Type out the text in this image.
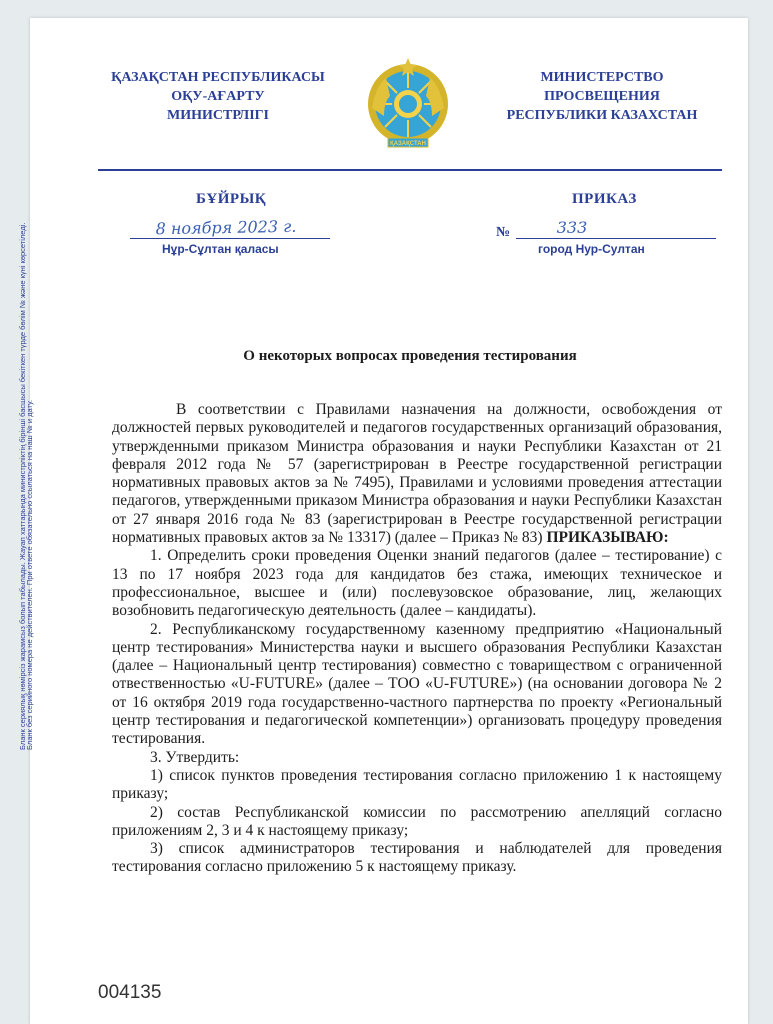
ҚАЗАҚСТАН РЕСПУБЛИКАСЫ
ОҚУ-АҒАРТУ
МИНИСТРЛІГІ
ҚАЗАҚСТАН
МИНИСТЕРСТВО
ПРОСВЕЩЕНИЯ
РЕСПУБЛИКИ КАЗАХСТАН
БҰЙРЫҚ	ПРИКАЗ
8 ноября 2023 г.
Нұр-Сұлтан қаласы
№	333
город Нур-Султан
О некоторых вопросах проведения тестирования

В соответствии с Правилами назначения на должности, освобождения от должностей первых руководителей и педагогов государственных организаций образования, утвержденными приказом Министра образования и науки Республики Казахстан от 21 февраля 2012 года № 57 (зарегистрирован в Реестре государственной регистрации нормативных правовых актов за № 7495), Правилами и условиями проведения аттестации педагогов, утвержденными приказом Министра образования и науки Республики Казахстан от 27 января 2016 года № 83 (зарегистрирован в Реестре государственной регистрации нормативных правовых актов за № 13317) (далее – Приказ № 83) ПРИКАЗЫВАЮ:

1. Определить сроки проведения Оценки знаний педагогов (далее – тестирование) с 13 по 17 ноября 2023 года для кандидатов без стажа, имеющих техническое и профессиональное, высшее и (или) послевузовское образование, лиц, желающих возобновить педагогическую деятельность (далее – кандидаты).

2. Республиканскому государственному казенному предприятию «Национальный центр тестирования» Министерства науки и высшего образования Республики Казахстан (далее – Национальный центр тестирования) совместно с товариществом с ограниченной отвественностью «U-FUTURE» (далее – ТОО «U-FUTURE») (на основании договора № 2 от 16 октября 2019 года государственно-частного партнерства по проекту «Региональный центр тестирования и педагогической компетенции») организовать процедуру проведения тестирования.

3. Утвердить:

1) список пунктов проведения тестирования согласно приложению 1 к настоящему приказу;

2) состав Республиканской комиссии по рассмотрению апелляций согласно приложениям 2, 3 и 4 к настоящему приказу;

3) список администраторов тестирования и наблюдателей для проведения тестирования согласно приложению 5 к настоящему приказу.

004135
Бланк сериялық нөмірсіз жарамсыз болып табылады. Жауап хаттарында министрліктің бірінші басшысы бекіткен түрде бөлім № және күні көрсетіледі.
Бланк без серийного номера не действителен. При ответе обязательно ссылаться на наш № и дату.
